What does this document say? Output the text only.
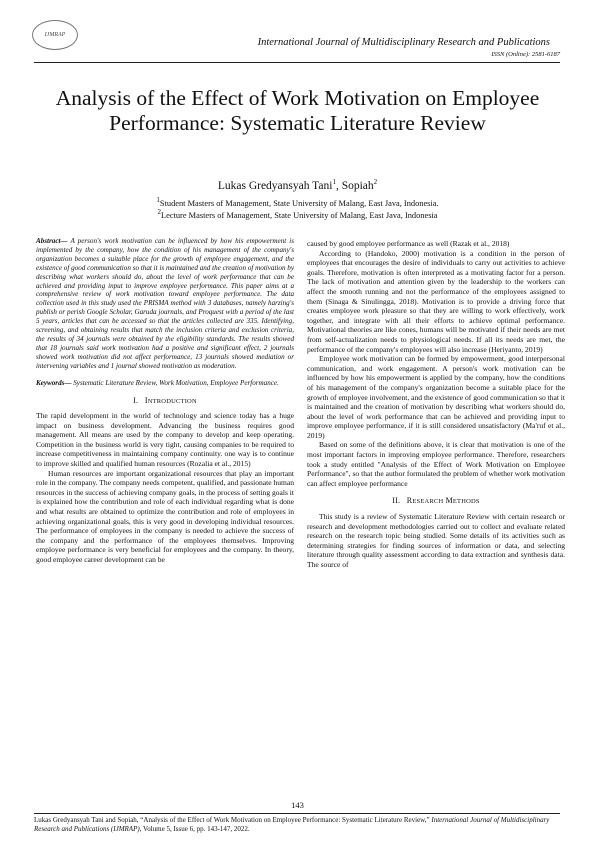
IJMRAP
International Journal of Multidisciplinary Research and Publications
ISSN (Online): 2581-6187
Analysis of the Effect of Work Motivation on Employee Performance: Systematic Literature Review
Lukas Gredyansyah Tani$^1$, Sopiah$^2$
$^1$Student Masters of Management, State University of Malang, East Java, Indonesia.
$^2$Lecture Masters of Management, State University of Malang, East Java, Indonesia

Abstract— A person's work motivation can be influenced by how his empowerment is implemented by the company, how the condition of his management of the company's organization becomes a suitable place for the growth of employee engagement, and the existence of good communication so that it is maintained and the creation of motivation by describing what workers should do, about the level of work performance that can be achieved and providing input to improve employee performance. This paper aims at a comprehensive review of work motivation toward employee performance. The data collection used in this study used the PRISMA method with 3 databases, namely harzing's publish or perish Google Scholar, Garuda journals, and Proquest with a period of the last 5 years, articles that can be accessed so that the articles collected are 335. Identifying, screening, and obtaining results that match the inclusion criteria and exclusion criteria, the results of 34 journals were obtained by the eligibility standards. The results showed that 18 journals said work motivation had a positive and significant effect, 2 journals showed work motivation did not affect performance, 13 journals showed mediation or intervening variables and 1 journal showed motivation as moderation.

Keywords— Systematic Literature Review, Work Motivation, Employee Performance.

I. INTRODUCTION

The rapid development in the world of technology and science today has a huge impact on business development. Advancing the business requires good management. All means are used by the company to develop and keep operating. Competition in the business world is very tight, causing companies to be required to increase competitiveness in maintaining company continuity. one way is to continue to improve skilled and qualified human resources (Rozalia et al., 2015)

Human resources are important organizational resources that play an important role in the company. The company needs competent, qualified, and passionate human resources in the success of achieving company goals, in the process of setting goals it is explained how the contribution and role of each individual regarding what is done and what results are obtained to optimize the contribution and role of employees in achieving organizational goals, this is very good in developing individual resources. The performance of employees in the company is needed to achieve the success of the company and the performance of the employees themselves. Improving employee performance is very beneficial for employees and the company. In theory, good employee career development can be

caused by good employee performance as well (Razak et al., 2018)

According to (Handoko, 2000) motivation is a condition in the person of employees that encourages the desire of individuals to carry out activities to achieve goals. Therefore, motivation is often interpreted as a motivating factor for a person. The lack of motivation and attention given by the leadership to the workers can affect the smooth running and not the performance of the employees assigned to them (Sinaga & Sinulingga, 2018). Motivation is to provide a driving force that creates employee work pleasure so that they are willing to work effectively, work together, and integrate with all their efforts to achieve optimal performance. Motivational theories are like cones, humans will be motivated if their needs are met from self-actualization needs to physiological needs. If all its needs are met, the performance of the company's employees will also increase (Heriyanto, 2019)

Employee work motivation can be formed by empowerment, good interpersonal communication, and work engagement. A person's work motivation can be influenced by how his empowerment is applied by the company, how the conditions of his management of the company's organization become a suitable place for the growth of employee involvement, and the existence of good communication so that it is maintained and the creation of motivation by describing what workers should do, about the level of work performance that can be achieved and providing input to improve employee performance, if it is still considered unsatisfactory (Ma'ruf et al., 2019)

Based on some of the definitions above, it is clear that motivation is one of the most important factors in improving employee performance. Therefore, researchers took a study entitled "Analysis of the Effect of Work Motivation on Employee Performance", so that the author formulated the problem of whether work motivation can affect employee performance

II. RESEARCH METHODS

This study is a review of Systematic Literature Review with certain research or research and development methodologies carried out to collect and evaluate related research on the research topic being studied. Some details of its activities such as determining strategies for finding sources of information or data, and selecting literature through quality assessment according to data extraction and synthesis data. The source of

143
Lukas Gredyansyah Tani and Sopiah, “Analysis of the Effect of Work Motivation on Employee Performance: Systematic Literature Review,” International Journal of Multidisciplinary Research and Publications (IJMRAP), Volume 5, Issue 6, pp. 143-147, 2022.
